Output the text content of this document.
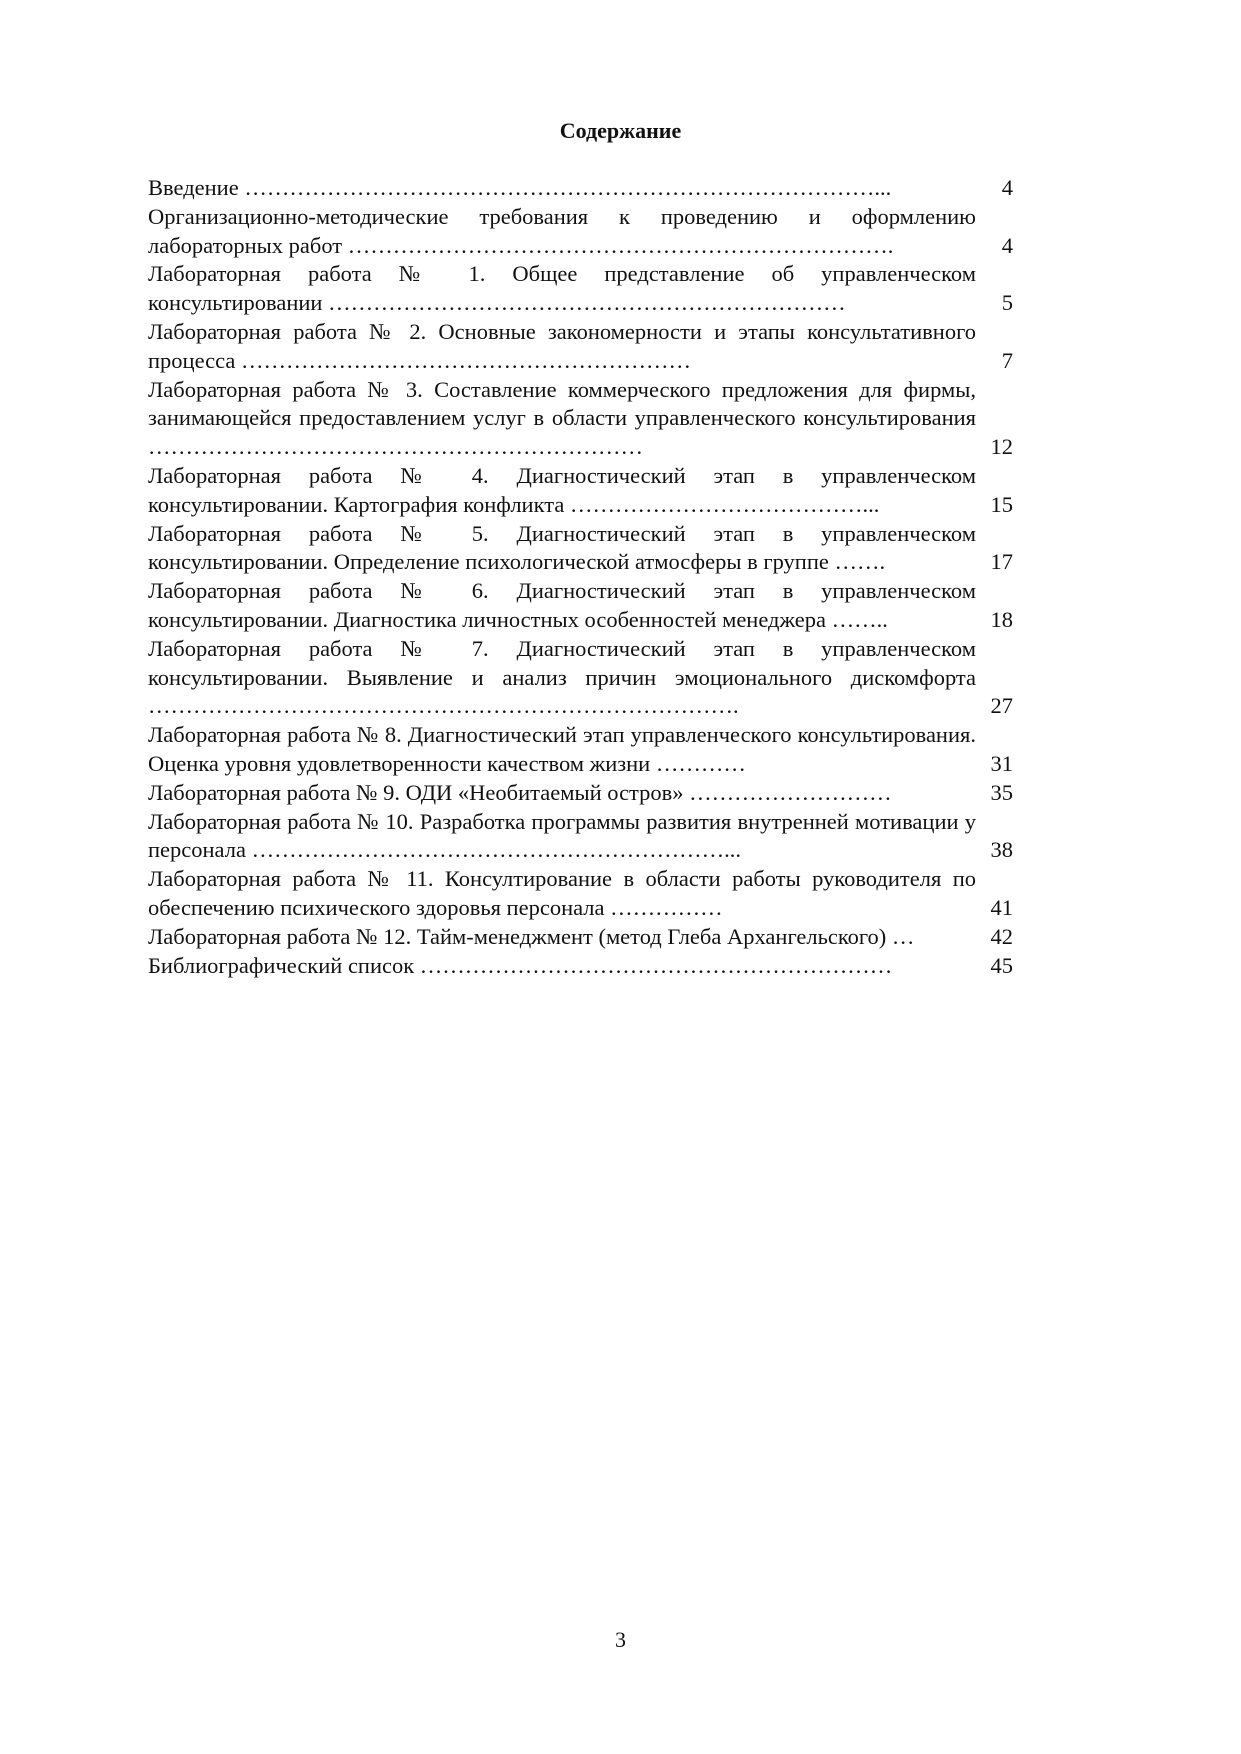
Содержание
Введение …………………………………………………………………………...	4
Организационно-методические требования к проведению и оформлению лабораторных работ ……………………………………………………………….	4
Лабораторная работа № 1. Общее представление об управленческом консультировании ……………………………………………………………	5
Лабораторная работа № 2. Основные закономерности и этапы консультативного процесса ……………………………………………………	7
Лабораторная работа № 3. Составление коммерческого предложения для фирмы, занимающейся предоставлением услуг в области управленческого консультирования …………………………………………………………	12
Лабораторная работа № 4. Диагностический этап в управленческом консультировании. Картография конфликта …………………………………...	15
Лабораторная работа № 5. Диагностический этап в управленческом консультировании. Определение психологической атмосферы в группе …….	17
Лабораторная работа № 6. Диагностический этап в управленческом консультировании. Диагностика личностных особенностей менеджера ……..	18
Лабораторная работа № 7. Диагностический этап в управленческом консультировании. Выявление и анализ причин эмоционального дискомфорта …………………………………………………………………….	27
Лабораторная работа № 8. Диагностический этап управленческого консультирования. Оценка уровня удовлетворенности качеством жизни …………	31
Лабораторная работа № 9. ОДИ «Необитаемый остров» ………………………	35
Лабораторная работа № 10. Разработка программы развития внутренней мотивации у персонала ………………………………………………………...	38
Лабораторная работа № 11. Консултирование в области работы руководителя по обеспечению психического здоровья персонала ……………	41
Лабораторная работа № 12. Тайм-менеджмент (метод Глеба Архангельского) …	42
Библиографический список ………………………………………………………	45
3
